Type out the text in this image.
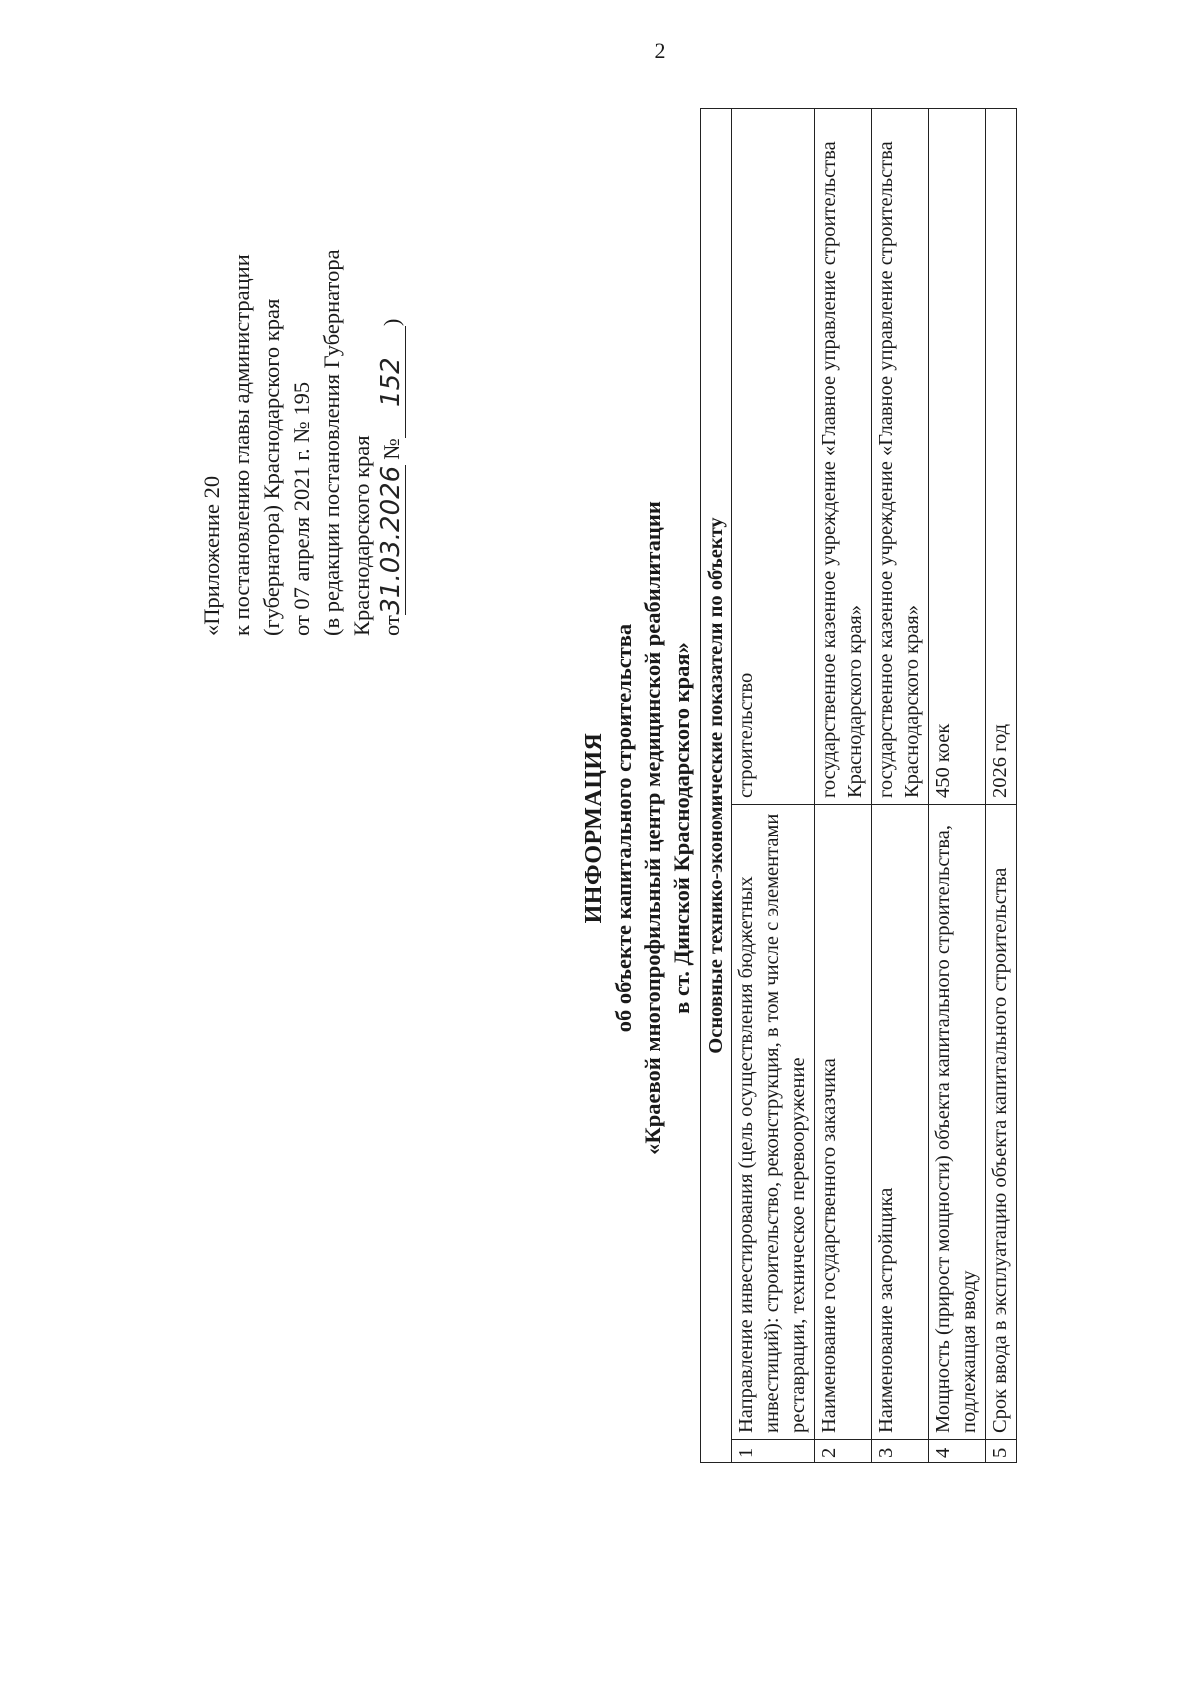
2
«Приложение 20 к постановлению главы администрации (губернатора) Краснодарского края от 07 апреля 2021 г. № 195 (в редакции постановления Губернатора Краснодарского края от31.03.2026 №152)
ИНФОРМАЦИЯ об объекте капитального строительства «Краевой многопрофильный центр медицинской реабилитации в ст. Динской Краснодарского края» Основные технико-экономические показатели по объекту		
1	Направление инвестирования (цель осуществления бюджетных инвестиций): строительство, реконструкция, в том числе с элементами реставрации, техническое перевооружение	строительство
2	Наименование государственного заказчика	государственное казенное учреждение «Главное управление строительства Краснодарского края»
3	Наименование застройщика	государственное казенное учреждение «Главное управление строительства Краснодарского края»
4	Мощность (прирост мощности) объекта капитального строительства, подлежащая вводу	450 коек
5	Срок ввода в эксплуатацию объекта капитального строительства	2026 год
